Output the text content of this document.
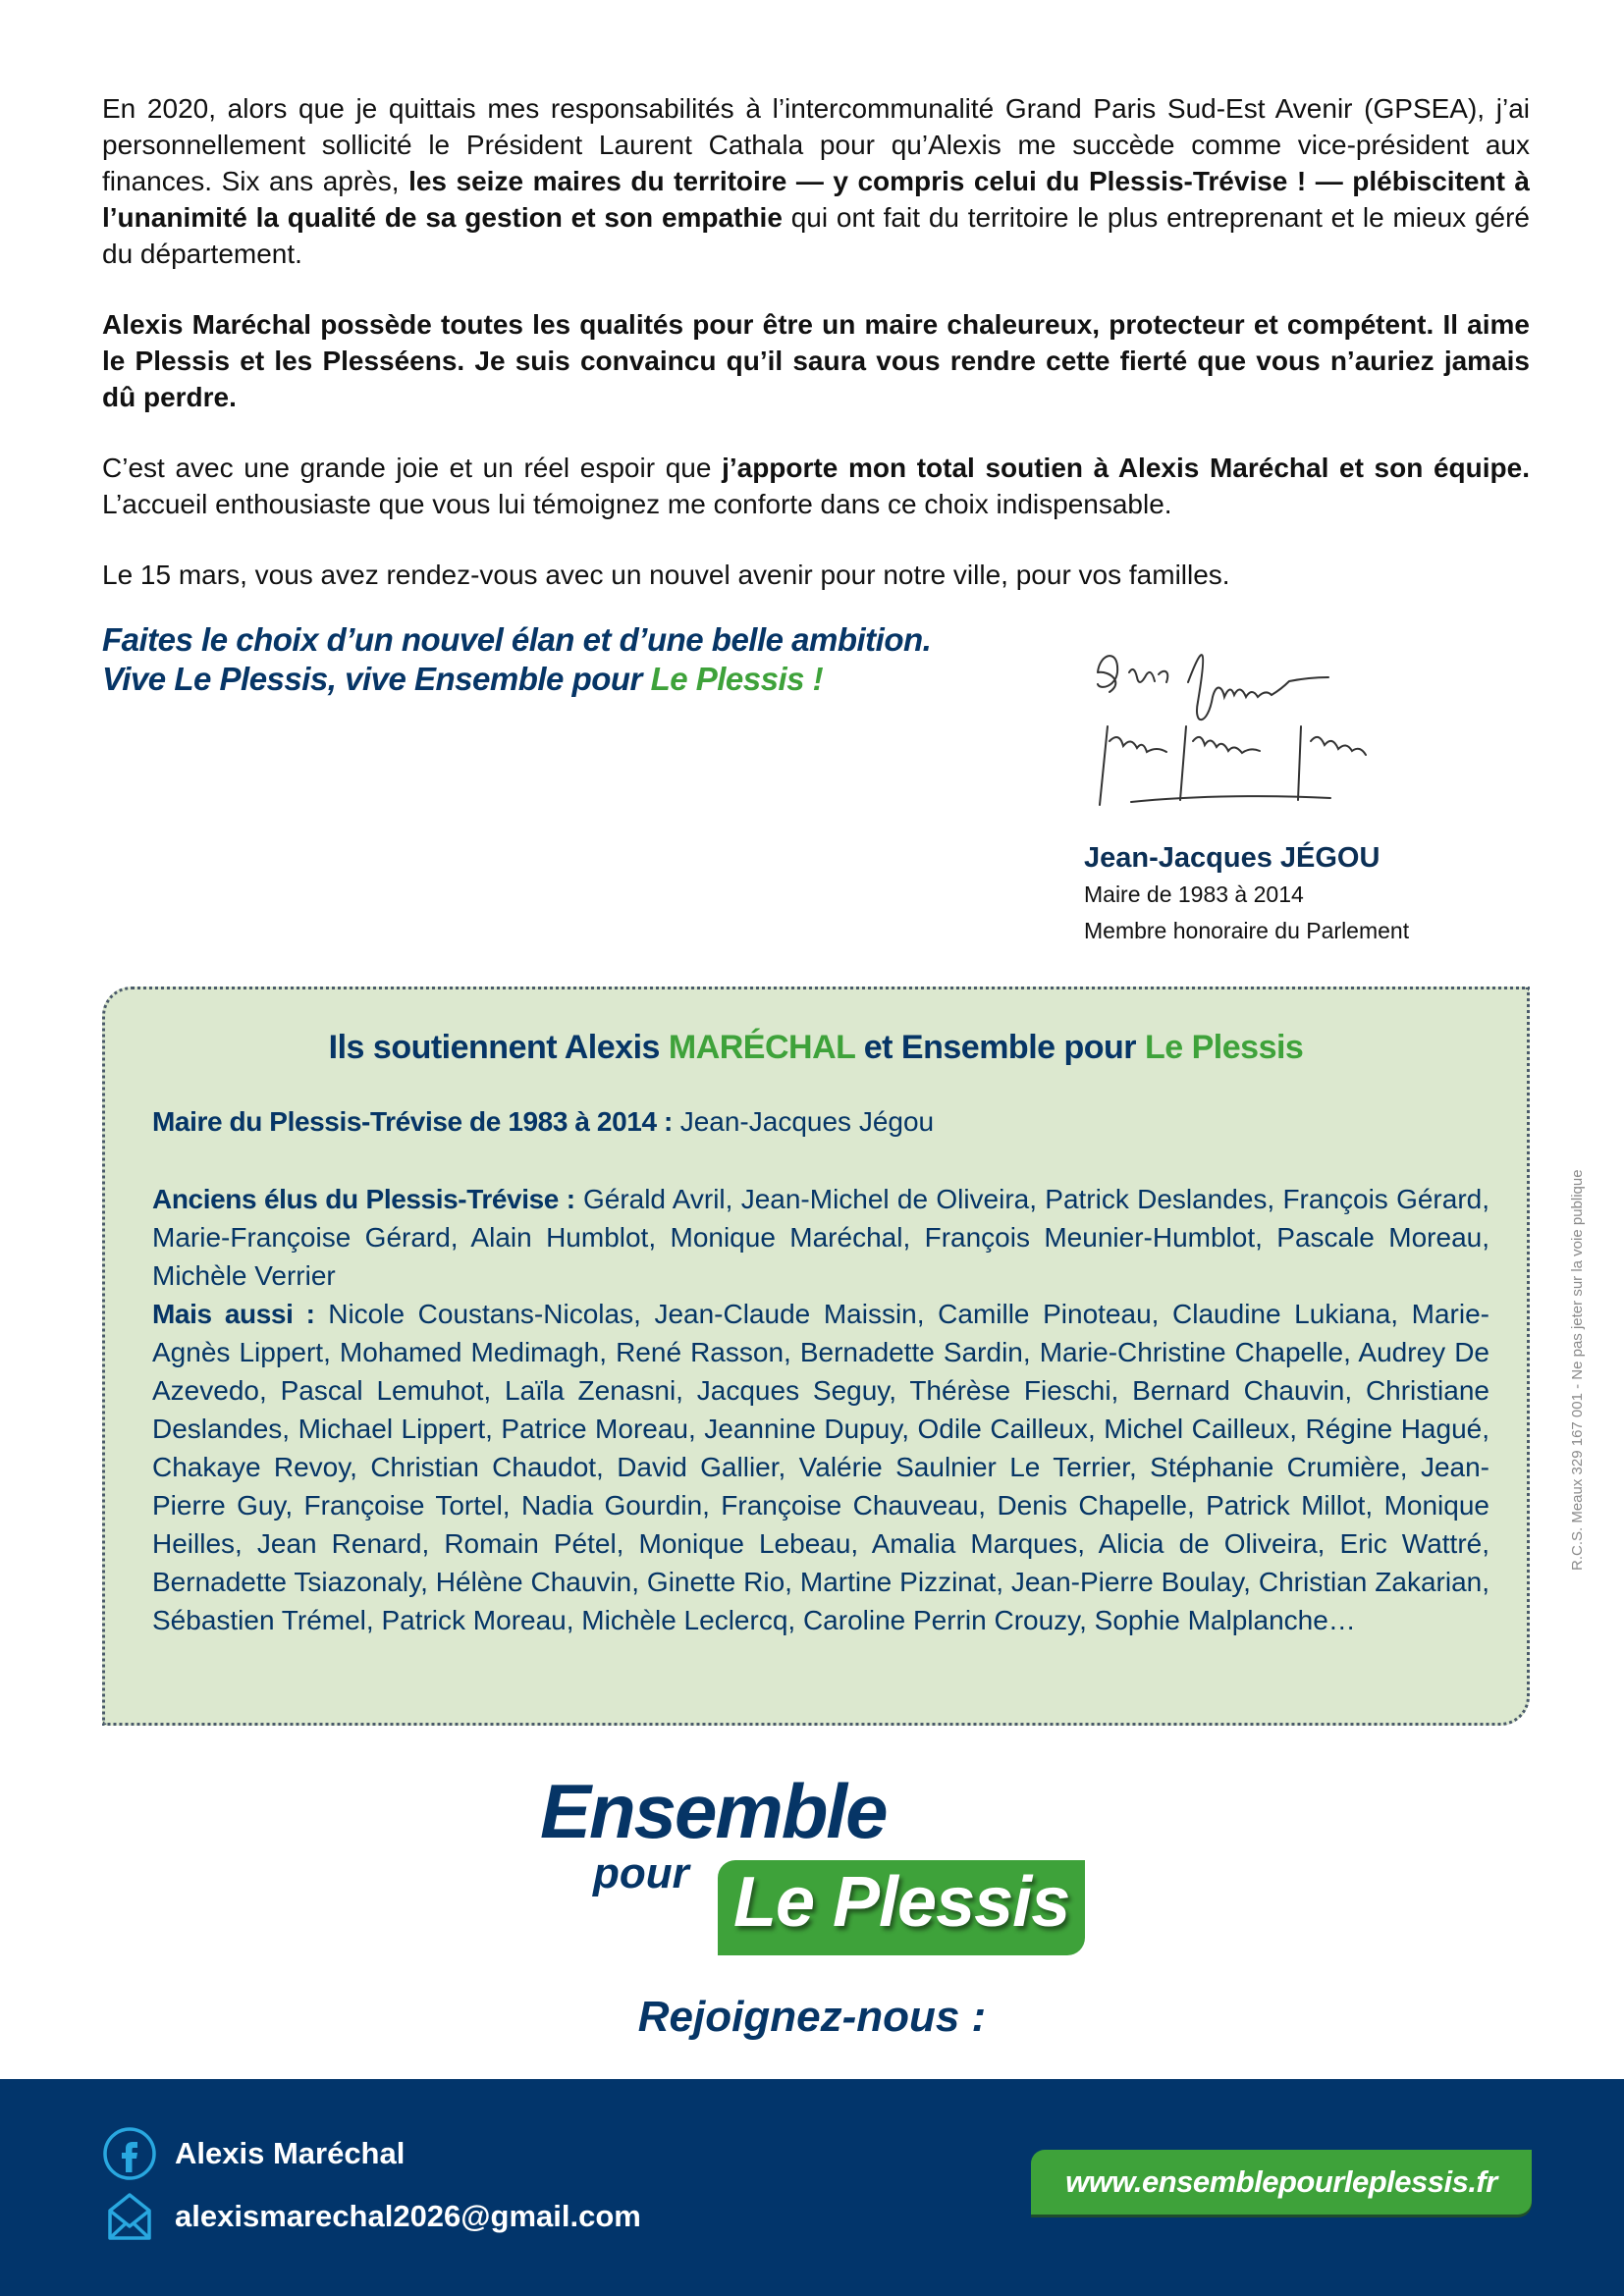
En 2020, alors que je quittais mes responsabilités à l’intercommunalité Grand Paris Sud-Est Avenir (GPSEA), j’ai personnellement sollicité le Président Laurent Cathala pour qu’Alexis me succède comme vice-président aux finances. Six ans après, les seize maires du territoire — y compris celui du Plessis-Trévise ! — plébiscitent à l’unanimité la qualité de sa gestion et son empathie qui ont fait du territoire le plus entreprenant et le mieux géré du département.

Alexis Maréchal possède toutes les qualités pour être un maire chaleureux, protecteur et compétent. Il aime le Plessis et les Plesséens. Je suis convaincu qu’il saura vous rendre cette fierté que vous n’auriez jamais dû perdre.

C’est avec une grande joie et un réel espoir que j’apporte mon total soutien à Alexis Maréchal et son équipe. L’accueil enthousiaste que vous lui témoignez me conforte dans ce choix indispensable.

Le 15 mars, vous avez rendez-vous avec un nouvel avenir pour notre ville, pour vos familles.

Faites le choix d’un nouvel élan et d’une belle ambition.
Vive Le Plessis, vive Ensemble pour Le Plessis !
Jean-Jacques JÉGOU
Maire de 1983 à 2014
Membre honoraire du Parlement
Ils soutiennent Alexis MARÉCHAL et Ensemble pour Le Plessis

Maire du Plessis-Trévise de 1983 à 2014 : Jean-Jacques Jégou

Anciens élus du Plessis-Trévise : Gérald Avril, Jean-Michel de Oliveira, Patrick Deslandes, François Gérard, Marie-Françoise Gérard, Alain Humblot, Monique Maréchal, François Meunier-Humblot, Pascale Moreau, Michèle Verrier

Mais aussi : Nicole Coustans-Nicolas, Jean-Claude Maissin, Camille Pinoteau, Claudine Lukiana, Marie-Agnès Lippert, Mohamed Medimagh, René Rasson, Bernadette Sardin, Marie-Christine Chapelle, Audrey De Azevedo, Pascal Lemuhot, Laïla Zenasni, Jacques Seguy, Thérèse Fieschi, Bernard Chauvin, Christiane Deslandes, Michael Lippert, Patrice Moreau, Jeannine Dupuy, Odile Cailleux, Michel Cailleux, Régine Hagué, Chakaye Revoy, Christian Chaudot, David Gallier, Valérie Saulnier Le Terrier, Stéphanie Crumière, Jean-Pierre Guy, Françoise Tortel, Nadia Gourdin, Françoise Chauveau, Denis Chapelle, Patrick Millot, Monique Heilles, Jean Renard, Romain Pétel, Monique Lebeau, Amalia Marques, Alicia de Oliveira, Eric Wattré, Bernadette Tsiazonaly, Hélène Chauvin, Ginette Rio, Martine Pizzinat, Jean-Pierre Boulay, Christian Zakarian, Sébastien Trémel, Patrick Moreau, Michèle Leclercq, Caroline Perrin Crouzy, Sophie Malplanche…

R.C.S. Meaux 329 167 001 - Ne pas jeter sur la voie publique
Ensemble
pour Le Plessis
Rejoignez-nous :
Alexis Maréchal
alexismarechal2026@gmail.com
www.ensemblepourleplessis.fr
